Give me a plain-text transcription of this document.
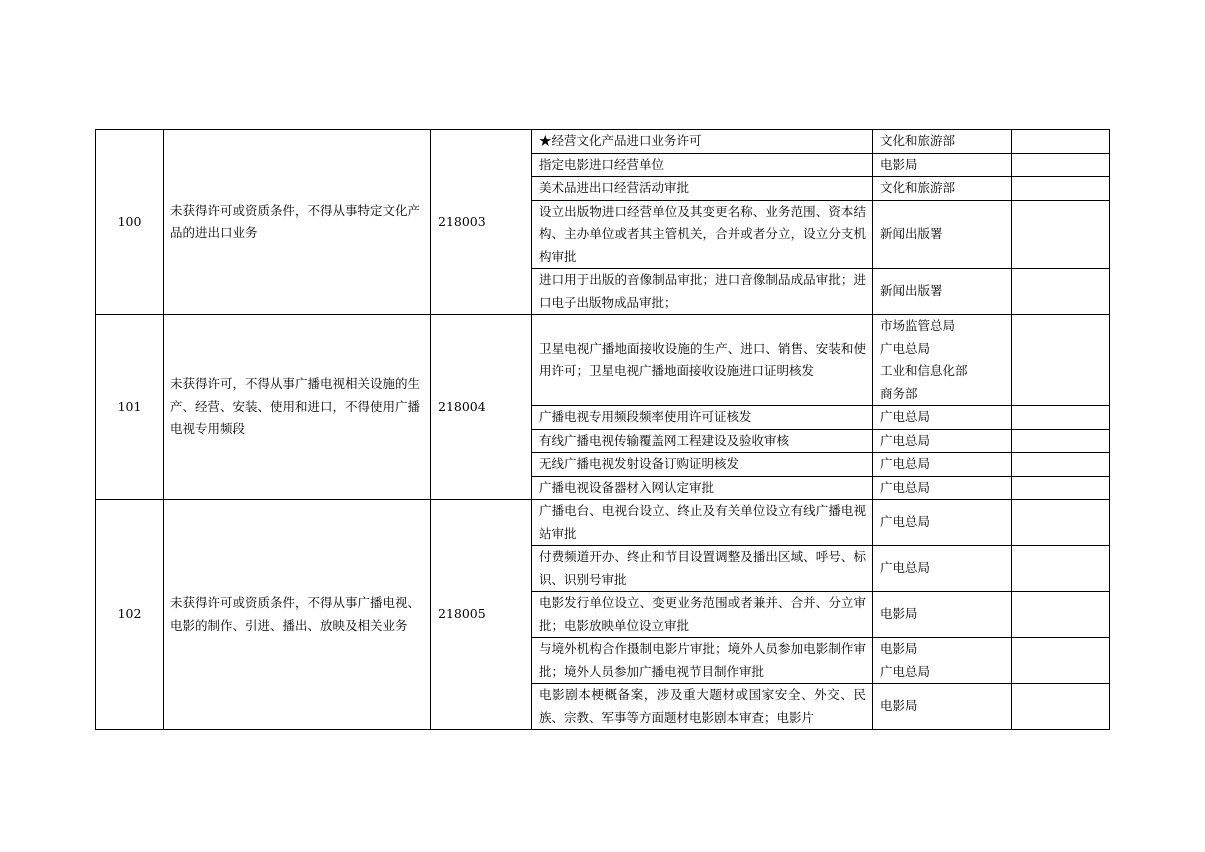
100	未获得许可或资质条件，不得从事特定文化产品的进出口业务	218003	★经营文化产品进口业务许可	文化和旅游部	

			指定电影进口经营单位	电影局	

			美术品进出口经营活动审批	文化和旅游部	

			设立出版物进口经营单位及其变更名称、业务范围、资本结构、主办单位或者其主管机关，合并或者分立，设立分支机构审批	新闻出版署	

			进口用于出版的音像制品审批；进口音像制品成品审批；进口电子出版物成品审批；	新闻出版署	

101	未获得许可，不得从事广播电视相关设施的生产、经营、安装、使用和进口，不得使用广播电视专用频段	218004	卫星电视广播地面接收设施的生产、进口、销售、安装和使用许可；卫星电视广播地面接收设施进口证明核发	市场监管总局
广电总局
工业和信息化部
商务部	

			广播电视专用频段频率使用许可证核发	广电总局	

			有线广播电视传输覆盖网工程建设及验收审核	广电总局	

			无线广播电视发射设备订购证明核发	广电总局	

			广播电视设备器材入网认定审批	广电总局	

102	未获得许可或资质条件，不得从事广播电视、电影的制作、引进、播出、放映及相关业务	218005	广播电台、电视台设立、终止及有关单位设立有线广播电视站审批	广电总局	

			付费频道开办、终止和节目设置调整及播出区域、呼号、标识、识别号审批	广电总局	

			电影发行单位设立、变更业务范围或者兼并、合并、分立审批；电影放映单位设立审批	电影局	

			与境外机构合作摄制电影片审批；境外人员参加电影制作审批；境外人员参加广播电视节目制作审批	电影局
广电总局	

			电影剧本梗概备案，涉及重大题材或国家安全、外交、民族、宗教、军事等方面题材电影剧本审查；电影片	电影局	
